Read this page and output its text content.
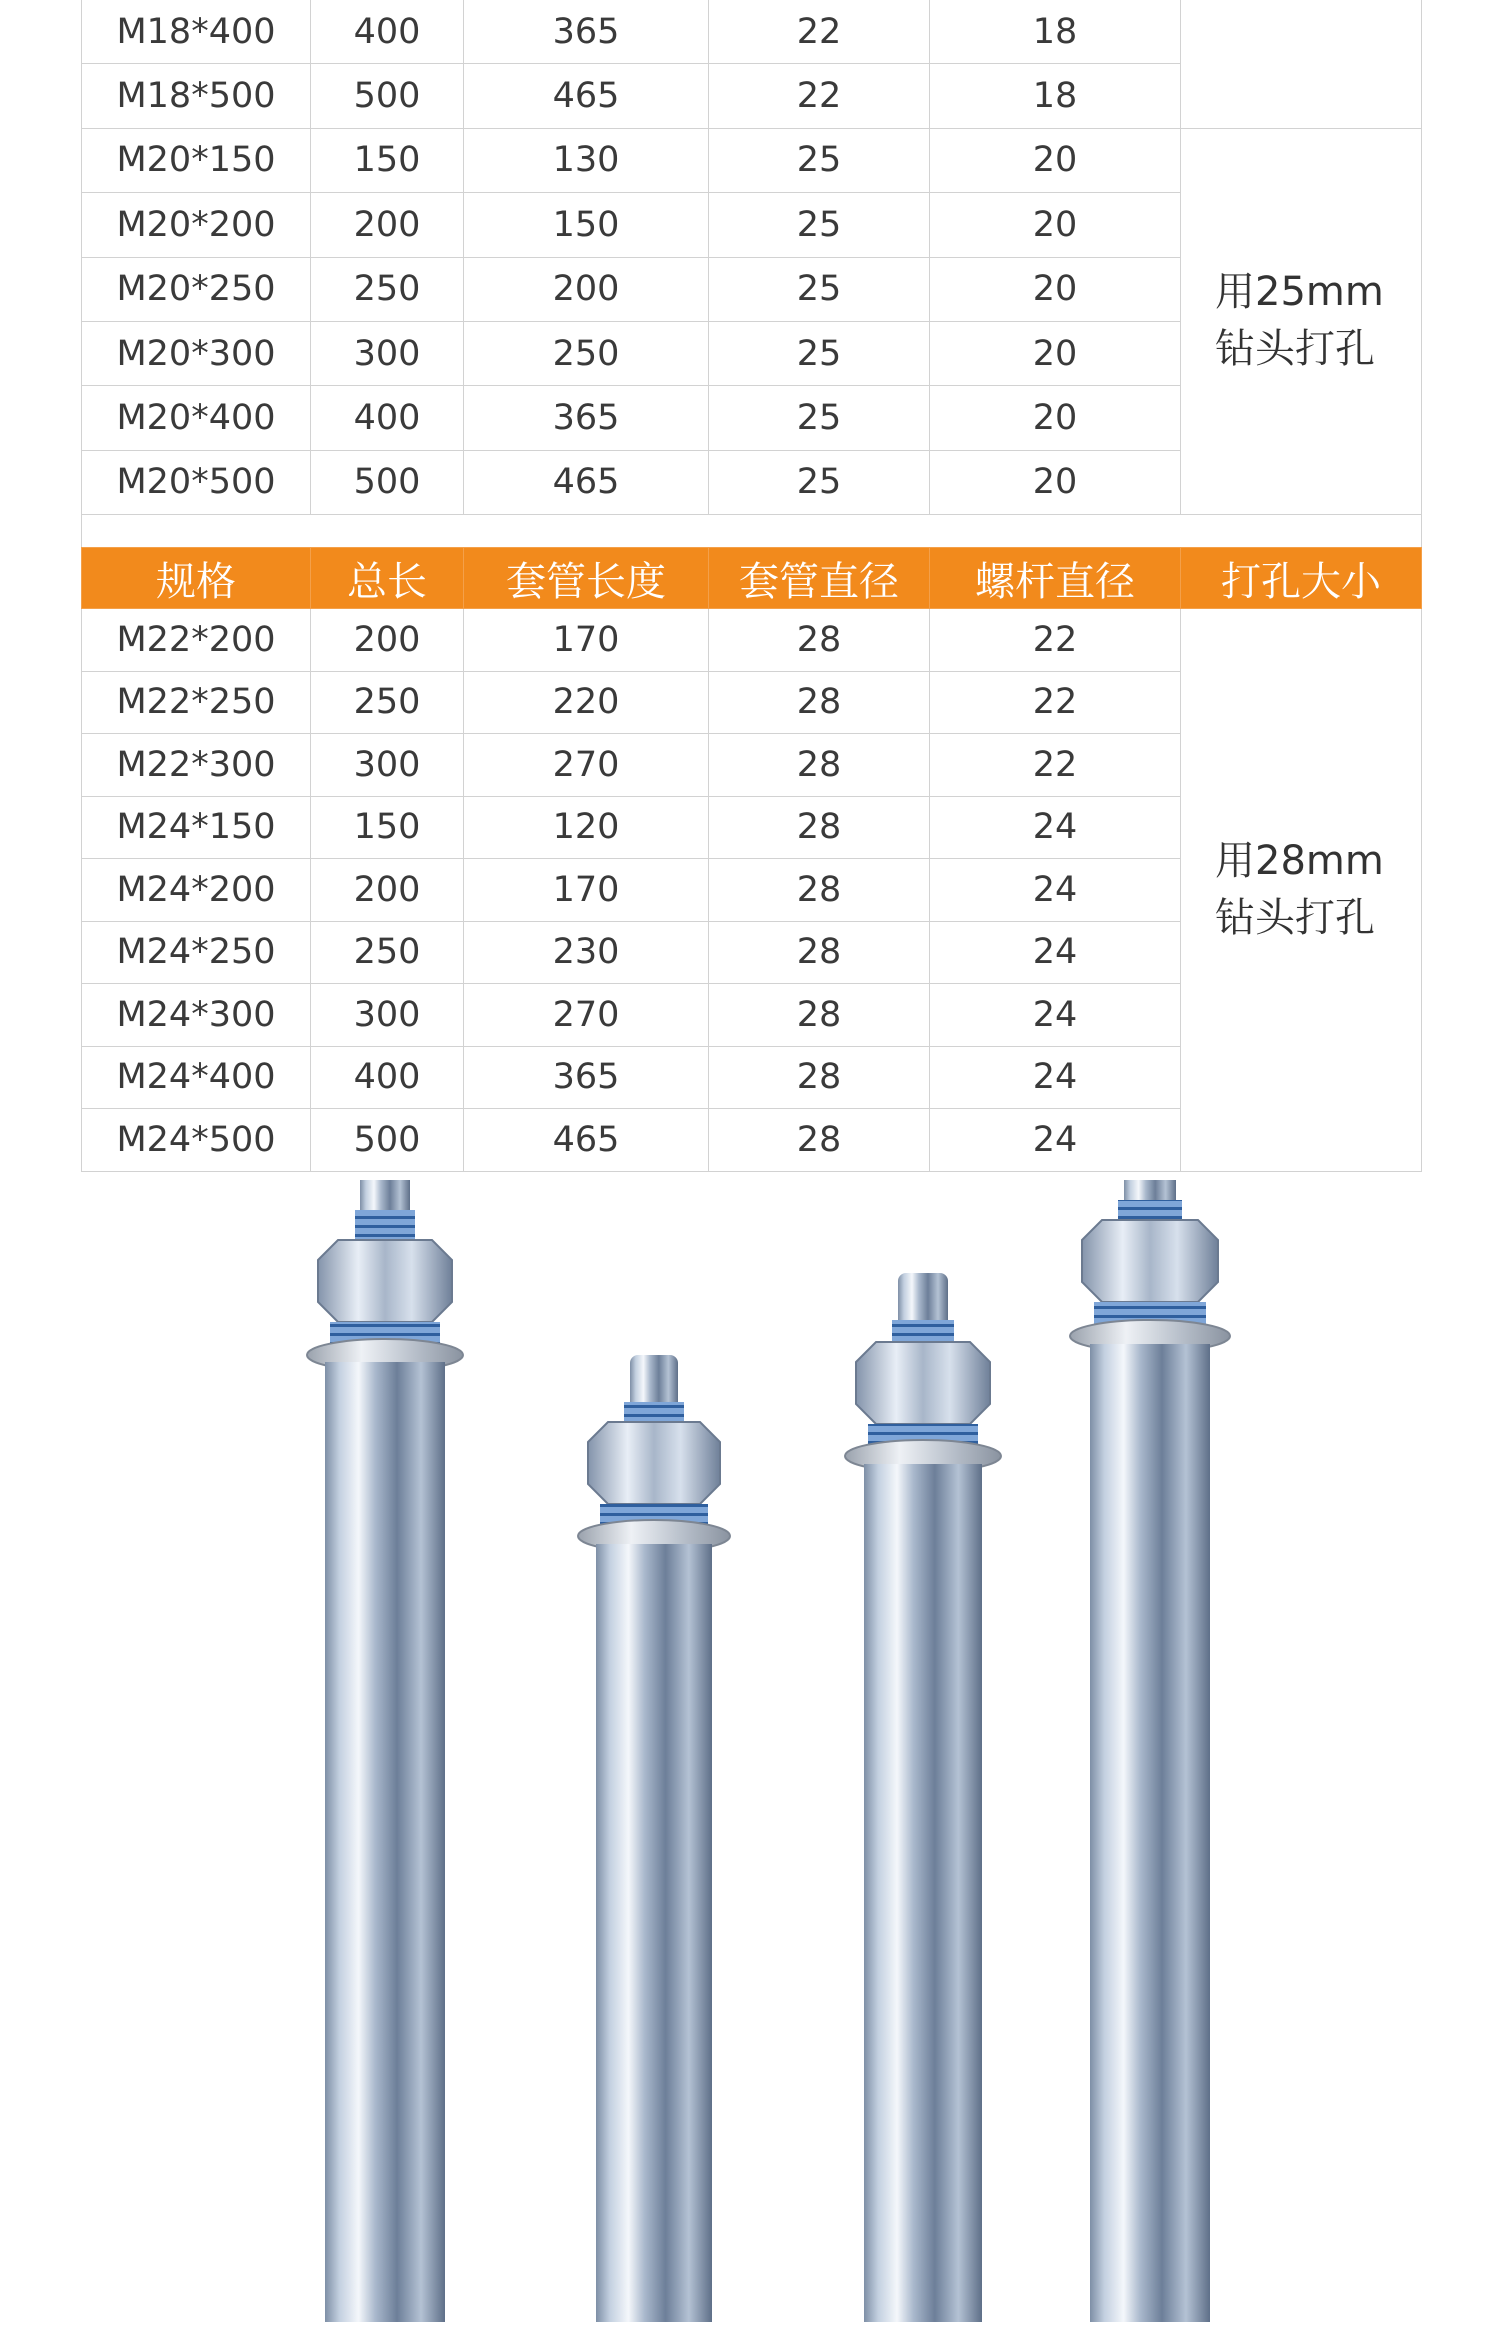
M18*400	400	365	22	18	
M18*500	500	465	22	18	
M20*150	150	130	25	20	用25mm
钻头打孔

M20*200	200	150	25	20	
M20*250	250	200	25	20	
M20*300	300	250	25	20	
M20*400	400	365	25	20	
M20*500	500	465	25	20	

规格	总长	套管长度	套管直径	螺杆直径	打孔大小
M22*200	200	170	28	22	用28mm
钻头打孔

M22*250	250	220	28	22	
M22*300	300	270	28	22	
M24*150	150	120	28	24	
M24*200	200	170	28	24	
M24*250	250	230	28	24	
M24*300	300	270	28	24	
M24*400	400	365	28	24	
M24*500	500	465	28	24	
